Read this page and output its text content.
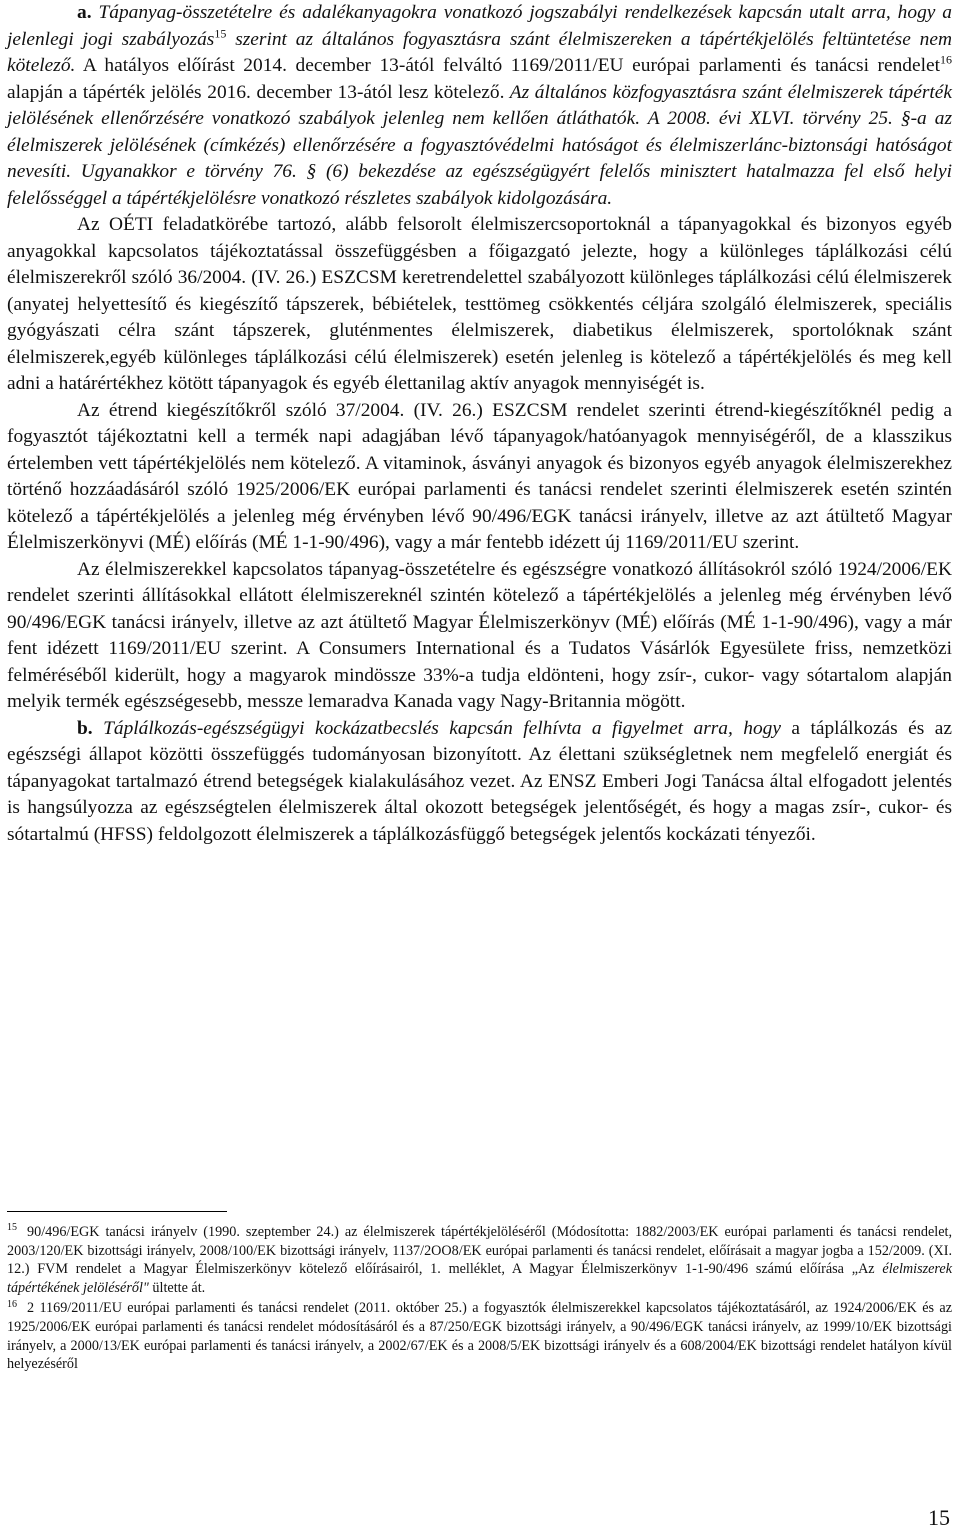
a. Tápanyag-összetételre és adalékanyagokra vonatkozó jogszabályi rendelkezések kapcsán utalt arra, hogy a jelenlegi jogi szabályozás$^{15}$ szerint az általános fogyasztásra szánt élelmiszereken a tápértékjelölés feltüntetése nem kötelező. A hatályos előírást 2014. december 13-ától felváltó 1169/2011/EU európai parlamenti és tanácsi rendelet$^{16}$ alapján a tápérték jelölés 2016. december 13-ától lesz kötelező. Az általános közfogyasztásra szánt élelmiszerek tápérték jelölésének ellenőrzésére vonatkozó szabályok jelenleg nem kellően átláthatók. A 2008. évi XLVI. törvény 25. §-a az élelmiszerek jelölésének (címkézés) ellenőrzésére a fogyasztóvédelmi hatóságot és élelmiszerlánc-biztonsági hatóságot nevesíti. Ugyanakkor e törvény 76. § (6) bekezdése az egészségügyért felelős minisztert hatalmazza fel első helyi felelősséggel a tápértékjelölésre vonatkozó részletes szabályok kidolgozására.

Az OÉTI feladatkörébe tartozó, alább felsorolt élelmiszercsoportoknál a tápanyagokkal és bizonyos egyéb anyagokkal kapcsolatos tájékoztatással összefüggésben a főigazgató jelezte, hogy a különleges táplálkozási célú élelmiszerekről szóló 36/2004. (IV. 26.) ESZCSM keretrendelettel szabályozott különleges táplálkozási célú élelmiszerek (anyatej helyettesítő és kiegészítő tápszerek, bébiételek, testtömeg csökkentés céljára szolgáló élelmiszerek, speciális gyógyászati célra szánt tápszerek, gluténmentes élelmiszerek, diabetikus élelmiszerek, sportolóknak szánt élelmiszerek,egyéb különleges táplálkozási célú élelmiszerek) esetén jelenleg is kötelező a tápértékjelölés és meg kell adni a határértékhez kötött tápanyagok és egyéb élettanilag aktív anyagok mennyiségét is.

Az étrend kiegészítőkről szóló 37/2004. (IV. 26.) ESZCSM rendelet szerinti étrend-kiegészítőknél pedig a fogyasztót tájékoztatni kell a termék napi adagjában lévő tápanyagok/hatóanyagok mennyiségéről, de a klasszikus értelemben vett tápértékjelölés nem kötelező. A vitaminok, ásványi anyagok és bizonyos egyéb anyagok élelmiszerekhez történő hozzáadásáról szóló 1925/2006/EK európai parlamenti és tanácsi rendelet szerinti élelmiszerek esetén szintén kötelező a tápértékjelölés a jelenleg még érvényben lévő 90/496/EGK tanácsi irányelv, illetve az azt átültető Magyar Élelmiszerkönyvi (MÉ) előírás (MÉ 1-1-90/496), vagy a már fentebb idézett új 1169/2011/EU szerint.

Az élelmiszerekkel kapcsolatos tápanyag-összetételre és egészségre vonatkozó állításokról szóló 1924/2006/EK rendelet szerinti állításokkal ellátott élelmiszereknél szintén kötelező a tápértékjelölés a jelenleg még érvényben lévő 90/496/EGK tanácsi irányelv, illetve az azt átültető Magyar Élelmiszerkönyv (MÉ) előírás (MÉ 1-1-90/496), vagy a már fent idézett 1169/2011/EU szerint. A Consumers International és a Tudatos Vásárlók Egyesülete friss, nemzetközi felméréséből kiderült, hogy a magyarok mindössze 33%-a tudja eldönteni, hogy zsír-, cukor- vagy sótartalom alapján melyik termék egészségesebb, messze lemaradva Kanada vagy Nagy-Britannia mögött.

b. Táplálkozás-egészségügyi kockázatbecslés kapcsán felhívta a figyelmet arra, hogy a táplálkozás és az egészségi állapot közötti összefüggés tudományosan bizonyított. Az élettani szükségletnek nem megfelelő energiát és tápanyagokat tartalmazó étrend betegségek kialakulásához vezet. Az ENSZ Emberi Jogi Tanácsa által elfogadott jelentés is hangsúlyozza az egészségtelen élelmiszerek által okozott betegségek jelentőségét, és hogy a magas zsír-, cukor- és sótartalmú (HFSS) feldolgozott élelmiszerek a táplálkozásfüggő betegségek jelentős kockázati tényezői.

$^{15}$ 90/496/EGK tanácsi irányelv (1990. szeptember 24.) az élelmiszerek tápértékjelöléséről (Módosította: 1882/2003/EK európai parlamenti és tanácsi rendelet, 2003/120/EK bizottsági irányelv, 2008/100/EK bizottsági irányelv, 1137/2OO8/EK európai parlamenti és tanácsi rendelet, előírásait a magyar jogba a 152/2009. (XI. 12.) FVM rendelet a Magyar Élelmiszerkönyv kötelező előírásairól, 1. melléklet, A Magyar Élelmiszerkönyv 1-1-90/496 számú előírása „Az élelmiszerek tápértékének jelöléséről" ültette át.

$^{16}$ 2 1169/2011/EU európai parlamenti és tanácsi rendelet (2011. október 25.) a fogyasztók élelmiszerekkel kapcsolatos tájékoztatásáról, az 1924/2006/EK és az 1925/2006/EK európai parlamenti és tanácsi rendelet módosításáról és a 87/250/EGK bizottsági irányelv, a 90/496/EGK tanácsi irányelv, az 1999/10/EK bizottsági irányelv, a 2000/13/EK európai parlamenti és tanácsi irányelv, a 2002/67/EK és a 2008/5/EK bizottsági irányelv és a 608/2004/EK bizottsági rendelet hatályon kívül helyezéséről

15
